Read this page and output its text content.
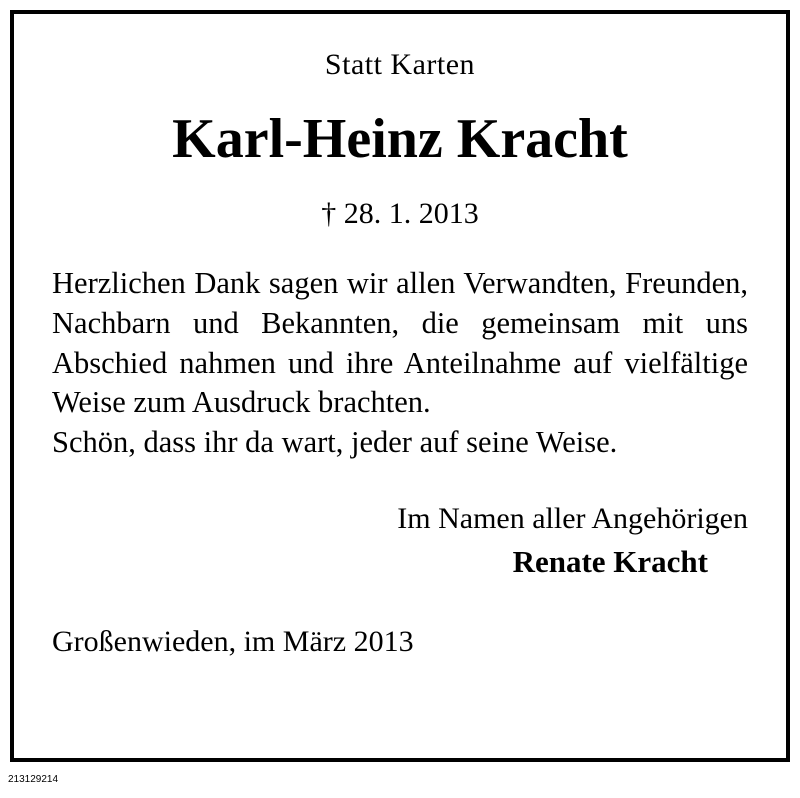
Statt Karten
Karl-Heinz Kracht
† 28. 1. 2013

Herzlichen Dank sagen wir allen Verwandten, Freunden, Nachbarn und Bekannten, die gemeinsam mit uns Abschied nahmen und ihre Anteilnahme auf vielfältige Weise zum Ausdruck brachten.

Schön, dass ihr da wart, jeder auf seine Weise.

Im Namen aller Angehörigen
Renate Kracht
Großenwieden, im März 2013
213129214
